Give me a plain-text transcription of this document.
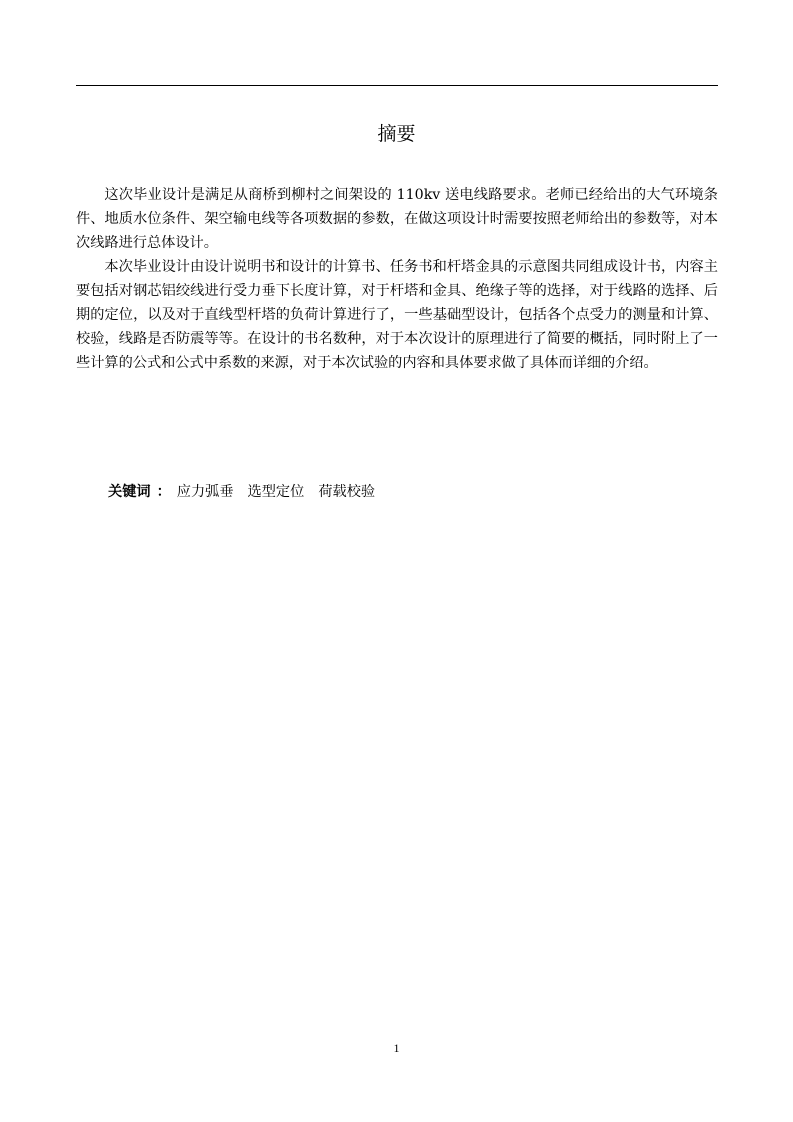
摘要

这次毕业设计是满足从商桥到柳村之间架设的 110kv 送电线路要求。老师已经给出的大气环境条件、地质水位条件、架空输电线等各项数据的参数，在做这项设计时需要按照老师给出的参数等，对本次线路进行总体设计。

本次毕业设计由设计说明书和设计的计算书、任务书和杆塔金具的示意图共同组成设计书，内容主要包括对钢芯铝绞线进行受力垂下长度计算，对于杆塔和金具、绝缘子等的选择，对于线路的选择、后期的定位，以及对于直线型杆塔的负荷计算进行了，一些基础型设计，包括各个点受力的测量和计算、校验，线路是否防震等等。在设计的书名数种，对于本次设计的原理进行了简要的概括，同时附上了一些计算的公式和公式中系数的来源，对于本次试验的内容和具体要求做了具体而详细的介绍。

关键词 ： 应力弧垂 选型定位 荷载校验
1
